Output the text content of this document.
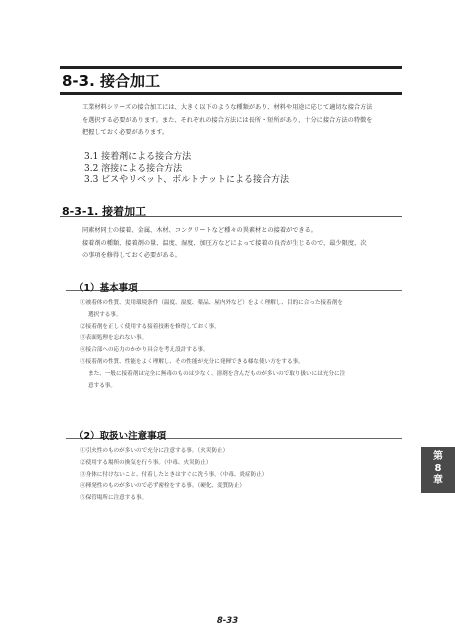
8-3. 接合加工

工業材料シリーズの接合加工には、大きく以下のような種類があり、材料や用途に応じて適切な接合方法

を選択する必要があります。また、それぞれの接合方法には長所・短所があり、十分に接合方法の特徴を

把握しておく必要があります。

3.1 接着剤による接合方法
3.2 溶接による接合方法
3.3 ビスやリベット、ボルトナットによる接合方法
8-3-1. 接着加工

同素材同士の接着、金属、木材、コンクリートなど種々の異素材との接着ができる。

接着剤の種類、接着剤の量、温度、湿度、加圧方などによって接着の良否が生じるので、最少限度、次

の事項を修得しておく必要がある。

（1）基本事項
①被着体の性質、実用環境条件（温度、湿度、薬品、屋内外など）をよく理解し、目的に合った接着剤を
選択する事。
②接着剤を正しく使用する接着技術を修得しておく事。
③表面処理を忘れない事。
④接合部への応力のかかり具合を考え設計する事。
⑤接着剤の性質、性能をよく理解し、その性能が充分に発揮できる様な使い方をする事。
また、一般に接着剤は完全に無毒のものは少なく、溶剤を含んだものが多いので取り扱いには充分に注
意する事。
（2）取扱い注意事項
①引火性のものが多いので充分に注意する事。（火災防止）
②使用する場所の換気を行う事。（中毒、火災防止）
③身体に付けないこと、付着したときはすぐに洗う事。（中毒、炎症防止）
④揮発性のものが多いので必ず密栓をする事。（硬化、変質防止）
⑤保管場所に注意する事。
第
8
章
8-33
